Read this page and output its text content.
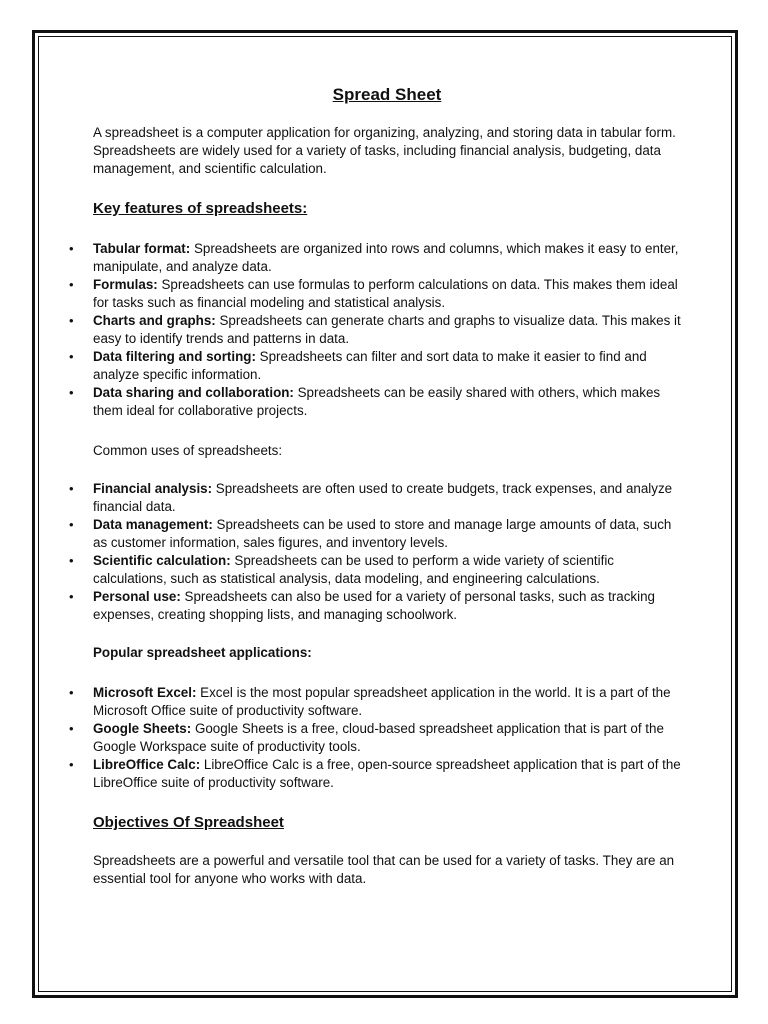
Spread Sheet

A spreadsheet is a computer application for organizing, analyzing, and storing data in tabular form. Spreadsheets are widely used for a variety of tasks, including financial analysis, budgeting, data management, and scientific calculation.

Key features of spreadsheets:
• Tabular format: Spreadsheets are organized into rows and columns, which makes it easy to enter, manipulate, and analyze data.
• Formulas: Spreadsheets can use formulas to perform calculations on data. This makes them ideal for tasks such as financial modeling and statistical analysis.
• Charts and graphs: Spreadsheets can generate charts and graphs to visualize data. This makes it easy to identify trends and patterns in data.
• Data filtering and sorting: Spreadsheets can filter and sort data to make it easier to find and analyze specific information.
• Data sharing and collaboration: Spreadsheets can be easily shared with others, which makes them ideal for collaborative projects.

Common uses of spreadsheets:

• Financial analysis: Spreadsheets are often used to create budgets, track expenses, and analyze financial data.
• Data management: Spreadsheets can be used to store and manage large amounts of data, such as customer information, sales figures, and inventory levels.
• Scientific calculation: Spreadsheets can be used to perform a wide variety of scientific calculations, such as statistical analysis, data modeling, and engineering calculations.
• Personal use: Spreadsheets can also be used for a variety of personal tasks, such as tracking expenses, creating shopping lists, and managing schoolwork.

Popular spreadsheet applications:

• Microsoft Excel: Excel is the most popular spreadsheet application in the world. It is a part of the Microsoft Office suite of productivity software.
• Google Sheets: Google Sheets is a free, cloud-based spreadsheet application that is part of the Google Workspace suite of productivity tools.
• LibreOffice Calc: LibreOffice Calc is a free, open-source spreadsheet application that is part of the LibreOffice suite of productivity software.
Objectives Of Spreadsheet

Spreadsheets are a powerful and versatile tool that can be used for a variety of tasks. They are an essential tool for anyone who works with data.
